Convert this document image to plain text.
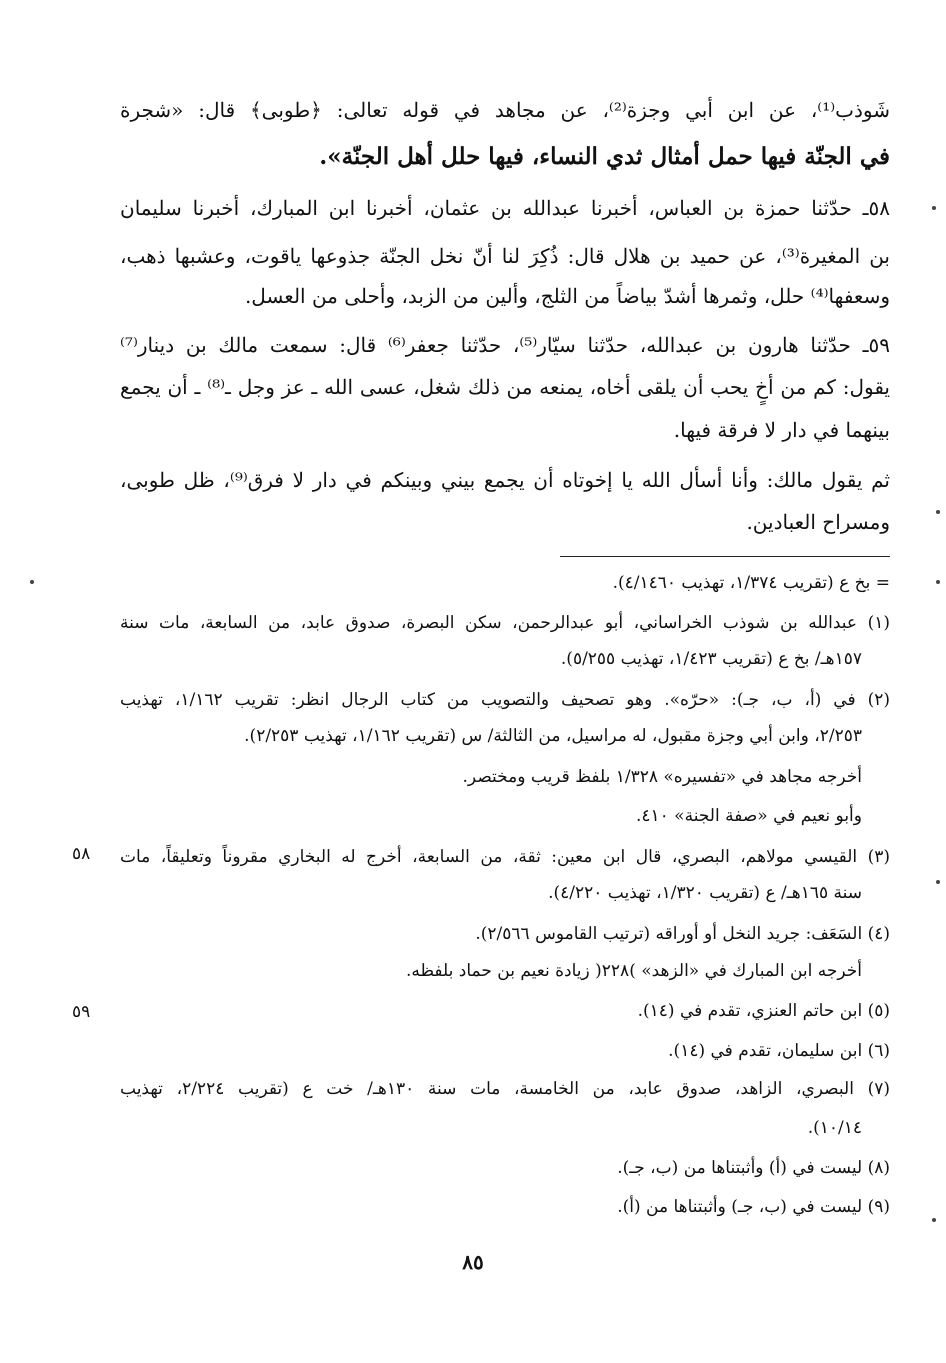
شَوذب⁽¹⁾، عن ابن أبي وجزة⁽²⁾، عن مجاهد في قوله تعالى: ﴿طوبى﴾ قال: «شجرة
في الجنّة فيها حمل أمثال ثدي النساء، فيها حلل أهل الجنّة».
٥٨ـ حدّثنا حمزة بن العباس، أخبرنا عبدالله بن عثمان، أخبرنا ابن المبارك، أخبرنا سليمان
بن المغيرة⁽³⁾، عن حميد بن هلال قال: ذُكِرَ لنا أنّ نخل الجنّة جذوعها ياقوت، وعشبها ذهب،
وسعفها⁽⁴⁾ حلل، وثمرها أشدّ بياضاً من الثلج، وألين من الزبد، وأحلى من العسل.
٥٩ـ حدّثنا هارون بن عبدالله، حدّثنا سيّار⁽⁵⁾، حدّثنا جعفر⁽⁶⁾ قال: سمعت مالك بن دينار⁽⁷⁾
يقول: كم من أخٍ يحب أن يلقى أخاه، يمنعه من ذلك شغل، عسى الله ـ عز وجل ـ⁽⁸⁾ ـ أن يجمع
بينهما في دار لا فرقة فيها.
ثم يقول مالك: وأنا أسأل الله يا إخوتاه أن يجمع بيني وبينكم في دار لا فرق⁽⁹⁾، ظل طوبى،
ومسراح العبادين.
= بخ ع (تقريب ١/٣٧٤، تهذيب ٤/١٤٦٠).
(١) عبدالله بن شوذب الخراساني، أبو عبدالرحمن، سكن البصرة، صدوق عابد، من السابعة، مات سنة
١٥٧هـ/ بخ ع (تقريب ١/٤٢٣، تهذيب ٥/٢٥٥).
(٢) في (أ، ب، جـ): «حرّه». وهو تصحيف والتصويب من كتاب الرجال انظر: تقريب ١/١٦٢، تهذيب
٢/٢٥٣، وابن أبي وجزة مقبول، له مراسيل، من الثالثة/ س (تقريب ١/١٦٢، تهذيب ٢/٢٥٣).
أخرجه مجاهد في «تفسيره» ١/٣٢٨ بلفظ قريب ومختصر.
وأبو نعيم في «صفة الجنة» ٤١٠.
(٣) القيسي مولاهم، البصري، قال ابن معين: ثقة، من السابعة، أخرج له البخاري مقروناً وتعليقاً، مات
سنة ١٦٥هـ/ ع (تقريب ١/٣٢٠، تهذيب ٤/٢٢٠).
(٤) السَعَف: جريد النخل أو أوراقه (ترتيب القاموس ٢/٥٦٦).
أخرجه ابن المبارك في «الزهد» )٢٢٨( زيادة نعيم بن حماد بلفظه.
(٥) ابن حاتم العنزي، تقدم في (١٤).
(٦) ابن سليمان، تقدم في (١٤).
(٧) البصري، الزاهد، صدوق عابد، من الخامسة، مات سنة ١٣٠هـ/ خت ع (تقريب ٢/٢٢٤، تهذيب
١٠/١٤).
(٨) ليست في (أ) وأثبتناها من (ب، جـ).
(٩) ليست في (ب، جـ) وأثبتناها من (أ).
٥٨
٥٩
٨٥
